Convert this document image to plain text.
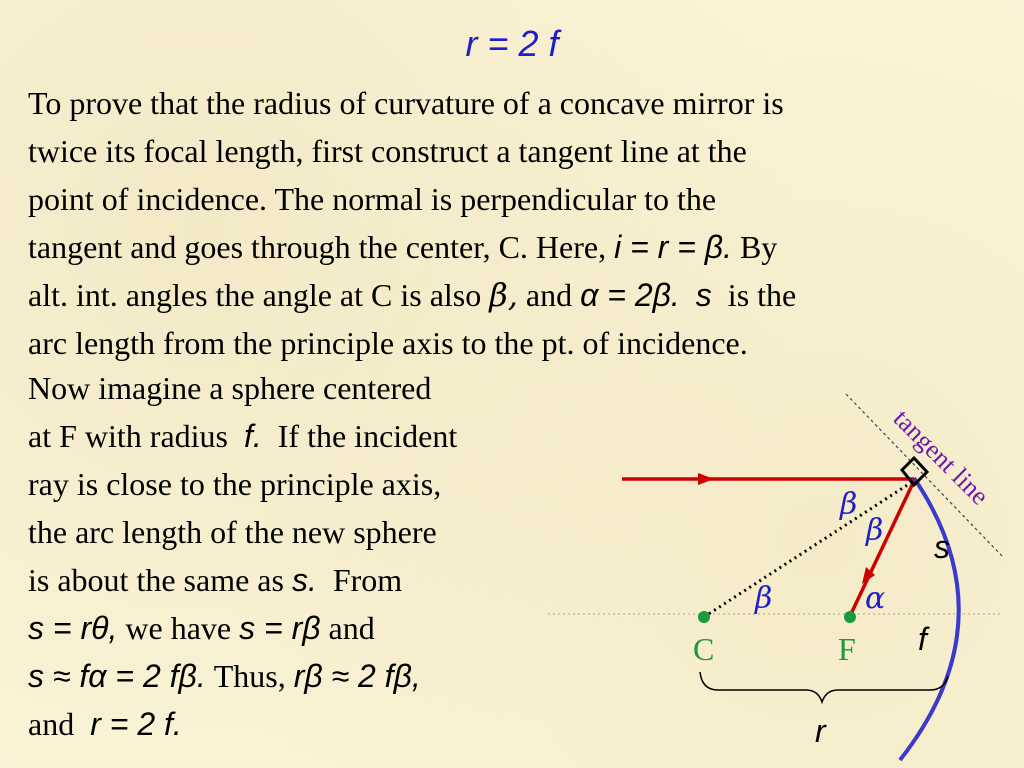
r = 2 f
To prove that the radius of curvature of a concave mirror is
twice its focal length, first construct a tangent line at the
point of incidence. The normal is perpendicular to the
tangent and goes through the center, C. Here, i = r = β. By
alt. int. angles the angle at C is also β, and α = 2β. s is the
arc length from the principle axis to the pt. of incidence.
Now imagine a sphere centered
at F with radius f. If the incident
ray is close to the principle axis,
the arc length of the new sphere
is about the same as s. From
s = rθ, we have s = rβ and
s ≈ fα = 2 fβ. Thus, rβ ≈ 2 fβ,
and r = 2 f.
tangent line
β
β
β	α
s
f
r
C	F
